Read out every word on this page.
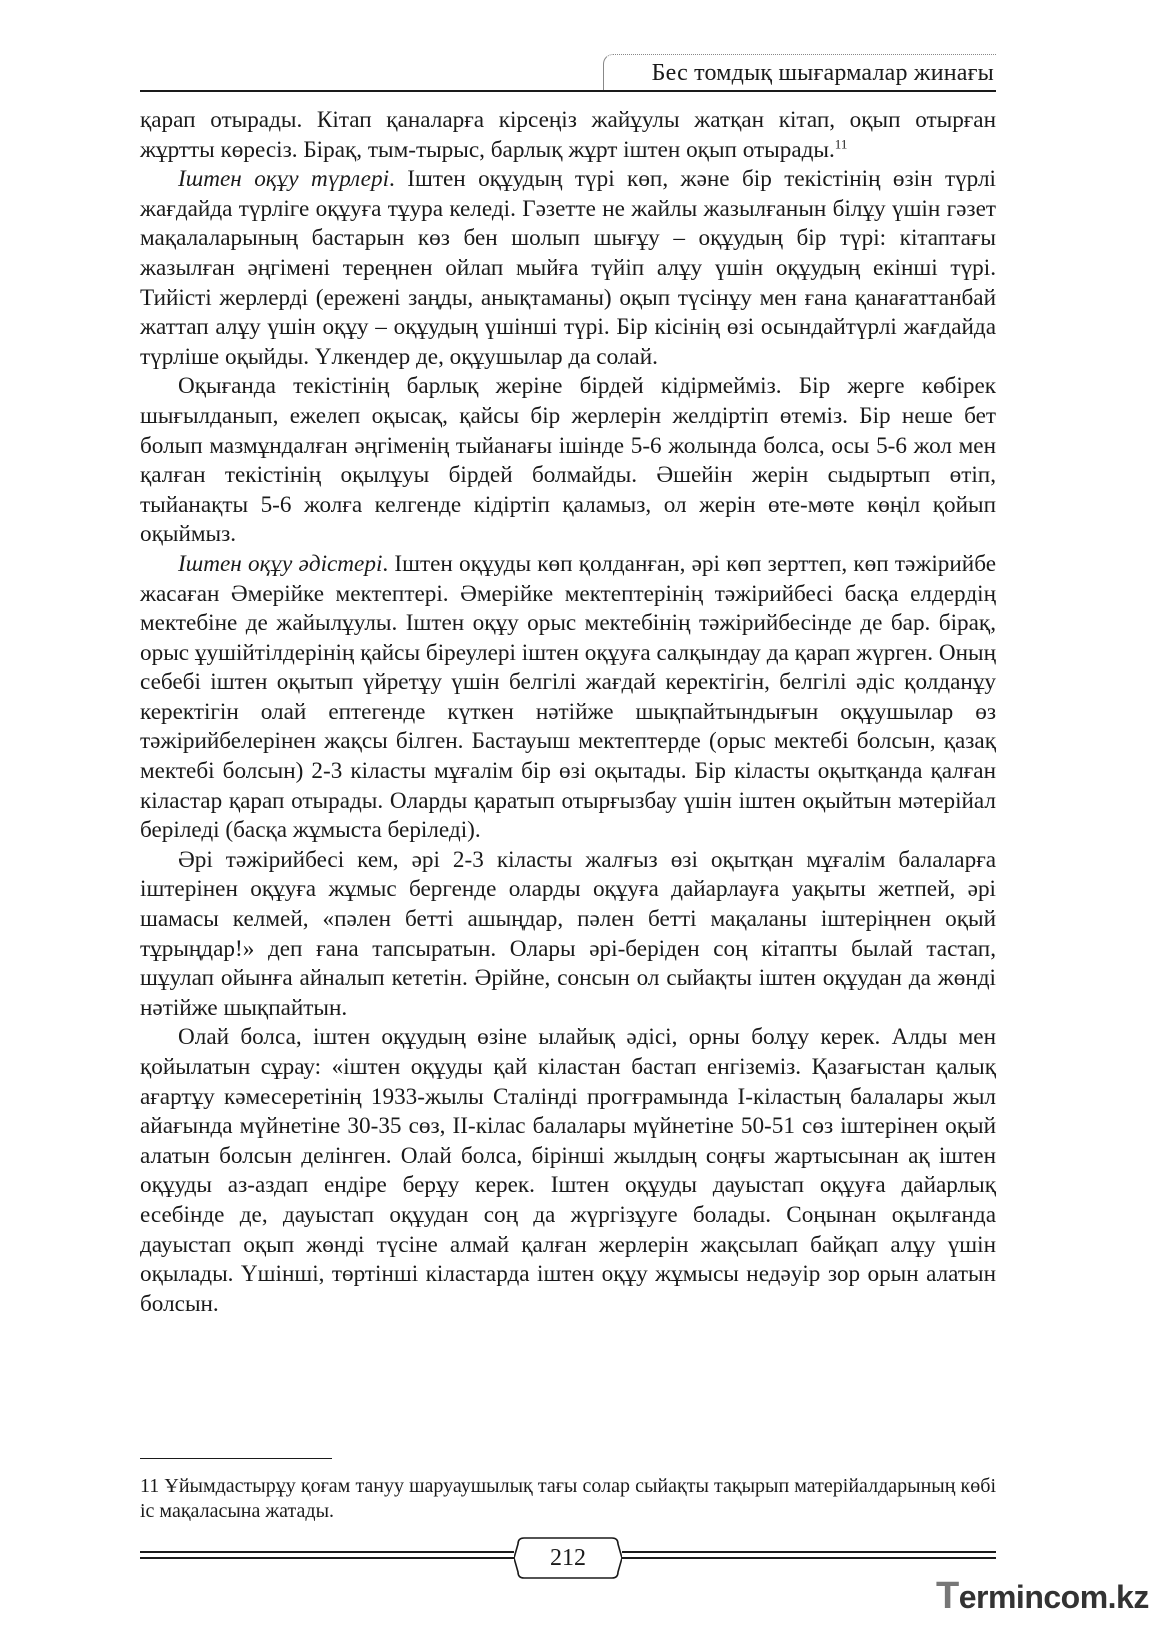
Бес томдық шығармалар жинағы

қарап отырады. Кітап қаналарға кірсеңіз жайұулы жатқан кітап, оқып отырған жұртты көресіз. Бірақ, тым-тырыс, барлық жұрт іштен оқып отырады.$^{11}$

Іштен оқұу түрлері. Іштен оқұудың түрі көп, және бір текістінің өзін түрлі жағдайда түрліге оқұуға тұура келеді. Гәзетте не жайлы жазылғанын білұу үшін гәзет мақалаларының бастарын көз бен шолып шығұу – оқұудың бір түрі: кітаптағы жазылған әңгімені тереңнен ойлап мыйға түйіп алұу үшін оқұудың екінші түрі. Тийісті жерлерді (ережені заңды, анықтаманы) оқып түсінұу мен ғана қанағаттанбай жаттап алұу үшін оқұу – оқұудың үшінші түрі. Бір кісінің өзі осындайтүрлі жағдайда түрліше оқыйды. Үлкендер де, оқұушылар да солай.

Оқығанда текістінің барлық жеріне бірдей кідірмейміз. Бір жерге көбірек шығылданып, ежелеп оқысақ, қайсы бір жерлерін желдіртіп өтеміз. Бір неше бет болып мазмұндалған әңгіменің тыйанағы ішінде 5-6 жолында болса, осы 5-6 жол мен қалған текістінің оқылұуы бірдей болмайды. Әшейін жерін сыдыртып өтіп, тыйанақты 5-6 жолға келгенде кідіртіп қаламыз, ол жерін өте-мөте көңіл қойып оқыймыз.

Іштен оқұу әдістері. Іштен оқұуды көп қолданған, әрі көп зерттеп, көп тәжірийбе жасаған Әмерійке мектептері. Әмерійке мектептерінің тәжірийбесі басқа елдердің мектебіне де жайылұулы. Іштен оқұу орыс мектебінің тәжірийбесінде де бар. бірақ, орыс ұушійтілдерінің қайсы біреулері іштен оқұуға салқындау да қарап жүрген. Оның себебі іштен оқытып үйретұу үшін белгілі жағдай керектігін, белгілі әдіс қолданұу керектігін олай ептегенде күткен нәтійже шықпайтындығын оқұушылар өз тәжірийбелерінен жақсы білген. Бастауыш мектептерде (орыс мектебі болсын, қазақ мектебі болсын) 2-3 кіласты мұғалім бір өзі оқытады. Бір кіласты оқытқанда қалған кіластар қарап отырады. Оларды қаратып отырғызбау үшін іштен оқыйтын мәтерійал беріледі (басқа жұмыста беріледі).

Әрі тәжірийбесі кем, әрі 2-3 кіласты жалғыз өзі оқытқан мұғалім балаларға іштерінен оқұуға жұмыс бергенде оларды оқұуға дайарлауға уақыты жетпей, әрі шамасы келмей, «пәлен бетті ашыңдар, пәлен бетті мақаланы іштеріңнен оқый тұрыңдар!» деп ғана тапсыратын. Олары әрі-беріден соң кітапты былай тастап, шұулап ойынға айналып кететін. Әрійне, сонсын ол сыйақты іштен оқұудан да жөнді нәтійже шықпайтын.

Олай болса, іштен оқұудың өзіне ылайық әдісі, орны болұу керек. Алды мен қойылатын сұрау: «іштен оқұуды қай кіластан бастап енгіземіз. Қазағыстан қалық ағартұу кәмесеретінің 1933-жылы Сталінді прогғрамында І-кіластың балалары жыл айағында мүйнетіне 30-35 сөз, ІІ-кілас балалары мүйнетіне 50-51 сөз іштерінен оқый алатын болсын делінген. Олай болса, бірінші жылдың соңғы жартысынан ақ іштен оқұуды аз-аздап ендіре берұу керек. Іштен оқұуды дауыстап оқұуға дайарлық есебінде де, дауыстап оқұудан соң да жүргізұуге болады. Соңынан оқылғанда дауыстап оқып жөнді түсіне алмай қалған жерлерін жақсылап байқап алұу үшін оқылады. Үшінші, төртінші кіластарда іштен оқұу жұмысы недәуір зор орын алатын болсын.

11 Ұйымдастырұу қоғам тануу шаруаушылық тағы солар сыйақты тақырып матерійалдарының көбі іс мақаласына жатады.
212
Termincom.kz
